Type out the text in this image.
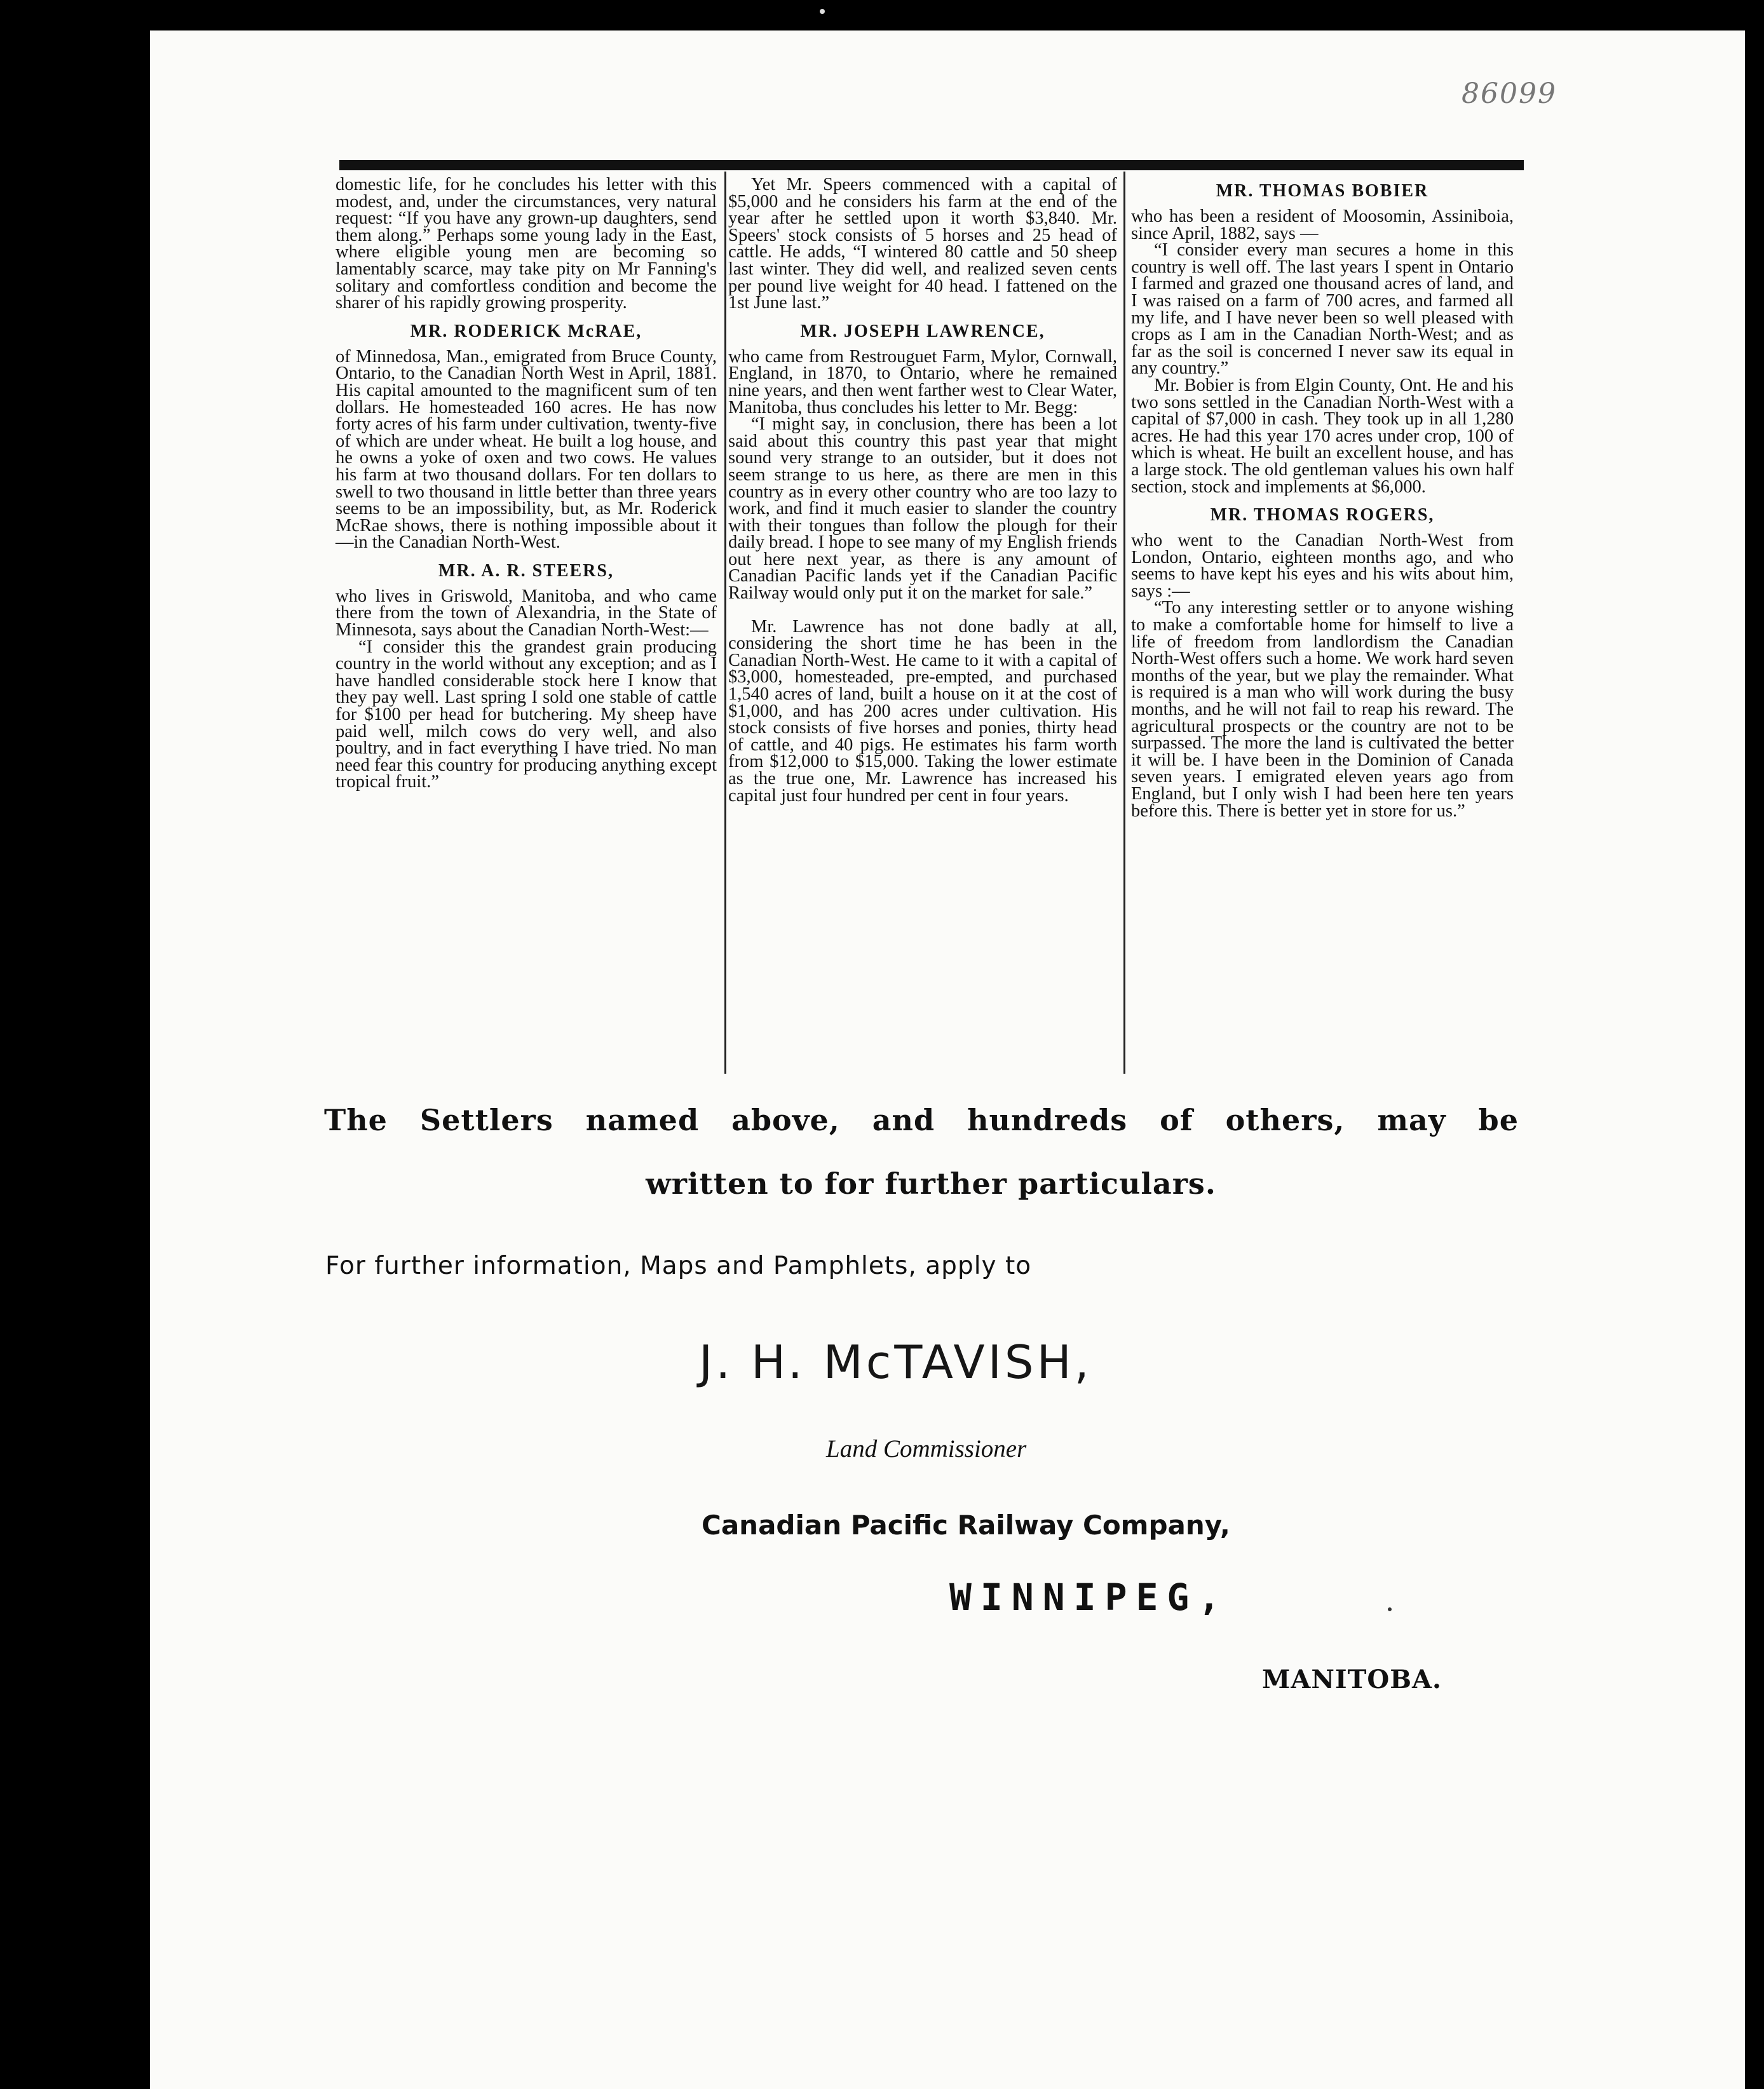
86099

domestic life, for he concludes his letter with this modest, and, under the circumstances, very natural request: “If you have any grown-up daughters, send them along.” Perhaps some young lady in the East, where eligible young men are becoming so lamentably scarce, may take pity on Mr Fanning's solitary and comfortless condition and become the sharer of his rapidly growing prosperity.

MR. RODERICK McRAE,

of Minnedosa, Man., emigrated from Bruce County, Ontario, to the Canadian North West in April, 1881. His capital amounted to the magnificent sum of ten dollars. He homesteaded 160 acres. He has now forty acres of his farm under cultivation, twenty-five of which are under wheat. He built a log house, and he owns a yoke of oxen and two cows. He values his farm at two thousand dollars. For ten dollars to swell to two thousand in little better than three years seems to be an impossibility, but, as Mr. Roderick McRae shows, there is nothing impossible about it—in the Canadian North-West.

MR. A. R. STEERS,

who lives in Griswold, Manitoba, and who came there from the town of Alexandria, in the State of Minnesota, says about the Canadian North-West:—

“I consider this the grandest grain producing country in the world without any exception; and as I have handled considerable stock here I know that they pay well. Last spring I sold one stable of cattle for $100 per head for butchering. My sheep have paid well, milch cows do very well, and also poultry, and in fact everything I have tried. No man need fear this country for producing anything except tropical fruit.”

Yet Mr. Speers commenced with a capital of $5,000 and he considers his farm at the end of the year after he settled upon it worth $3,840. Mr. Speers' stock consists of 5 horses and 25 head of cattle. He adds, “I wintered 80 cattle and 50 sheep last winter. They did well, and realized seven cents per pound live weight for 40 head. I fattened on the 1st June last.”

MR. JOSEPH LAWRENCE,

who came from Restrouguet Farm, Mylor, Cornwall, England, in 1870, to Ontario, where he remained nine years, and then went farther west to Clear Water, Manitoba, thus concludes his letter to Mr. Begg:

“I might say, in conclusion, there has been a lot said about this country this past year that might sound very strange to an outsider, but it does not seem strange to us here, as there are men in this country as in every other country who are too lazy to work, and find it much easier to slander the country with their tongues than follow the plough for their daily bread. I hope to see many of my English friends out here next year, as there is any amount of Canadian Pacific lands yet if the Canadian Pacific Railway would only put it on the market for sale.”

Mr. Lawrence has not done badly at all, considering the short time he has been in the Canadian North-West. He came to it with a capital of $3,000, homesteaded, pre-empted, and purchased 1,540 acres of land, built a house on it at the cost of $1,000, and has 200 acres under cultivation. His stock consists of five horses and ponies, thirty head of cattle, and 40 pigs. He estimates his farm worth from $12,000 to $15,000. Taking the lower estimate as the true one, Mr. Lawrence has increased his capital just four hundred per cent in four years.

MR. THOMAS BOBIER

who has been a resident of Moosomin, Assiniboia, since April, 1882, says —

“I consider every man secures a home in this country is well off. The last years I spent in Ontario I farmed and grazed one thousand acres of land, and I was raised on a farm of 700 acres, and farmed all my life, and I have never been so well pleased with crops as I am in the Canadian North-West; and as far as the soil is concerned I never saw its equal in any country.”

Mr. Bobier is from Elgin County, Ont. He and his two sons settled in the Canadian North-West with a capital of $7,000 in cash. They took up in all 1,280 acres. He had this year 170 acres under crop, 100 of which is wheat. He built an excellent house, and has a large stock. The old gentleman values his own half section, stock and implements at $6,000.

MR. THOMAS ROGERS,

who went to the Canadian North-West from London, Ontario, eighteen months ago, and who seems to have kept his eyes and his wits about him, says :—

“To any interesting settler or to anyone wishing to make a comfortable home for himself to live a life of freedom from landlordism the Canadian North-West offers such a home. We work hard seven months of the year, but we play the remainder. What is required is a man who will work during the busy months, and he will not fail to reap his reward. The agricultural prospects or the country are not to be surpassed. The more the land is cultivated the better it will be. I have been in the Dominion of Canada seven years. I emigrated eleven years ago from England, but I only wish I had been here ten years before this. There is better yet in store for us.”

The Settlers named above, and hundreds of others, may be
written to for further particulars.
For further information, Maps and Pamphlets, apply to
J. H. McTAVISH,
Land Commissioner
Canadian Pacific Railway Company,
WINNIPEG,
MANITOBA.
